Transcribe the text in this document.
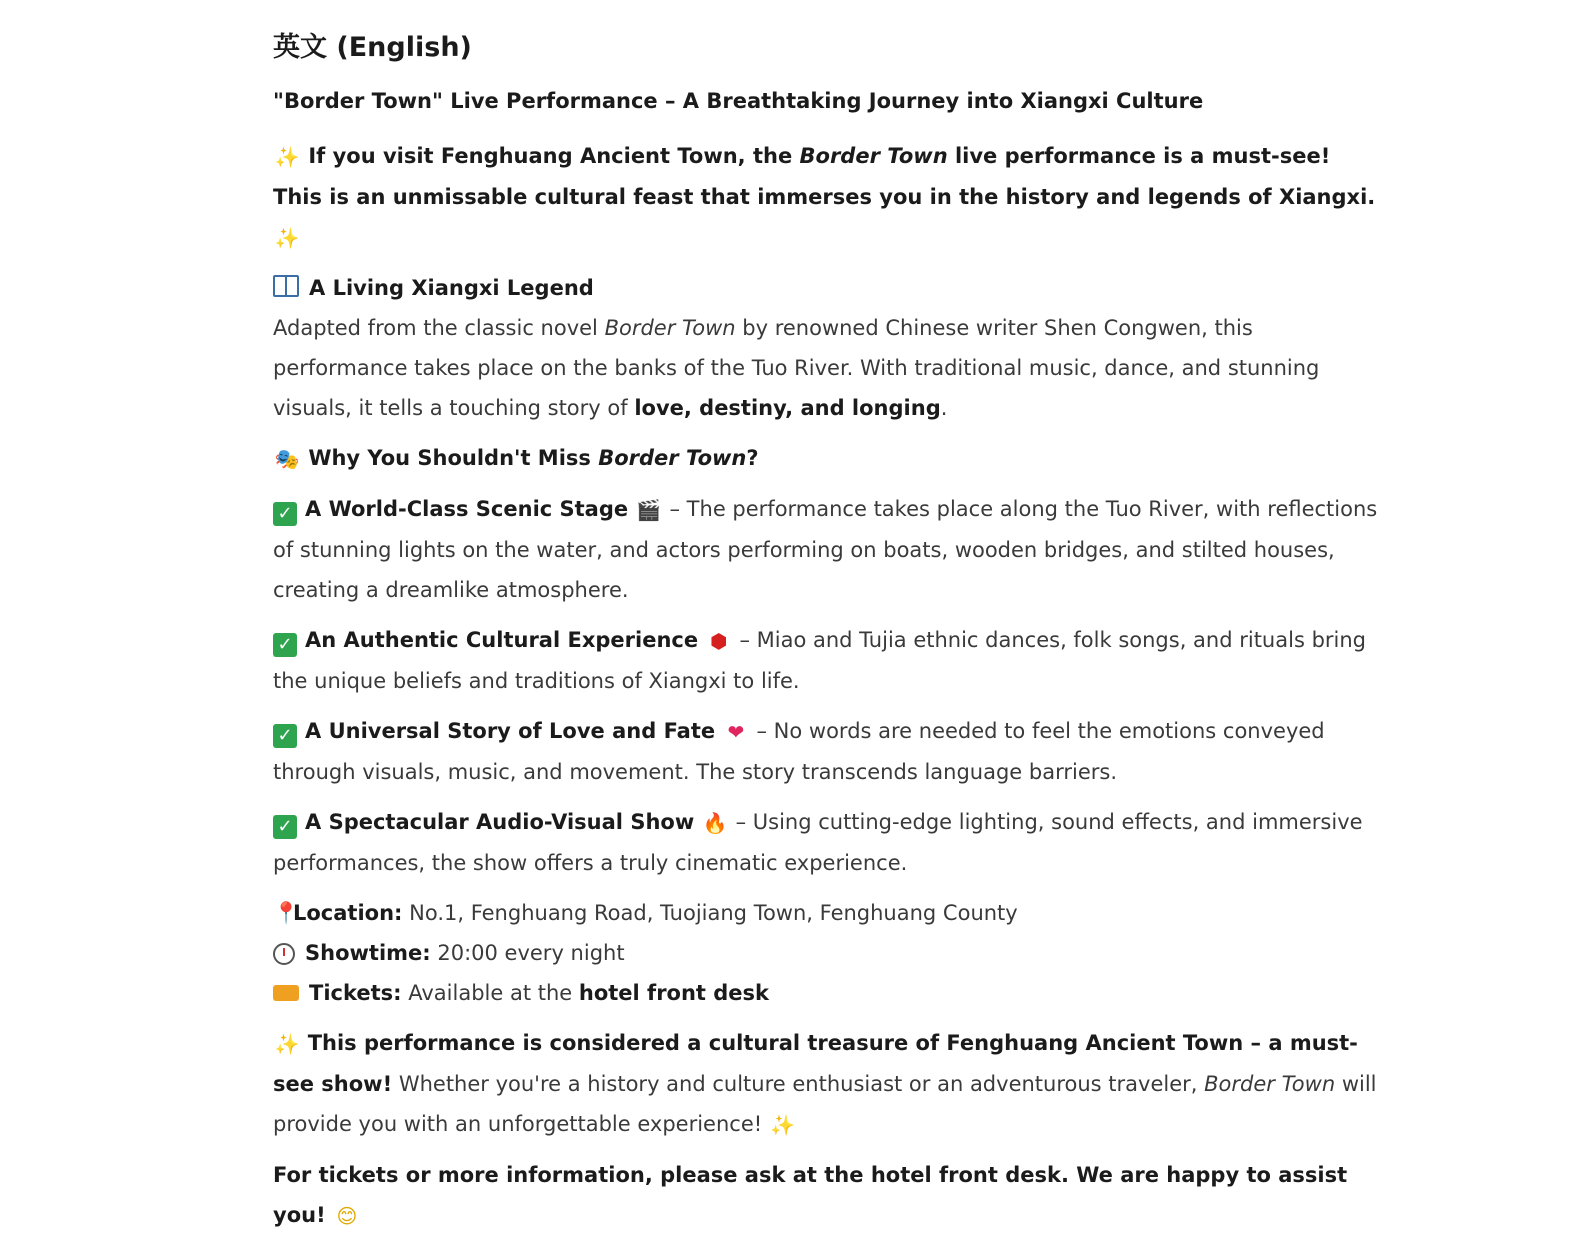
英文 (English)
"Border Town" Live Performance – A Breathtaking Journey into Xiangxi Culture

✨ If you visit Fenghuang Ancient Town, the Border Town live performance is a must-see! This is an unmissable cultural feast that immerses you in the history and legends of Xiangxi. ✨

A Living Xiangxi Legend

Adapted from the classic novel Border Town by renowned Chinese writer Shen Congwen, this performance takes place on the banks of the Tuo River. With traditional music, dance, and stunning visuals, it tells a touching story of love, destiny, and longing.

🎭 Why You Shouldn't Miss Border Town?

✓ A World-Class Scenic Stage 🎬 – The performance takes place along the Tuo River, with reflections of stunning lights on the water, and actors performing on boats, wooden bridges, and stilted houses, creating a dreamlike atmosphere.

✓ An Authentic Cultural Experience ⬢ – Miao and Tujia ethnic dances, folk songs, and rituals bring the unique beliefs and traditions of Xiangxi to life.

✓ A Universal Story of Love and Fate ❤ – No words are needed to feel the emotions conveyed through visuals, music, and movement. The story transcends language barriers.

✓ A Spectacular Audio-Visual Show 🔥 – Using cutting-edge lighting, sound effects, and immersive performances, the show offers a truly cinematic experience.

📍Location: No.1, Fenghuang Road, Tuojiang Town, Fenghuang County

Showtime: 20:00 every night

Tickets: Available at the hotel front desk

✨ This performance is considered a cultural treasure of Fenghuang Ancient Town – a must-see show! Whether you're a history and culture enthusiast or an adventurous traveler, Border Town will provide you with an unforgettable experience! ✨

For tickets or more information, please ask at the hotel front desk. We are happy to assist you! 😊
